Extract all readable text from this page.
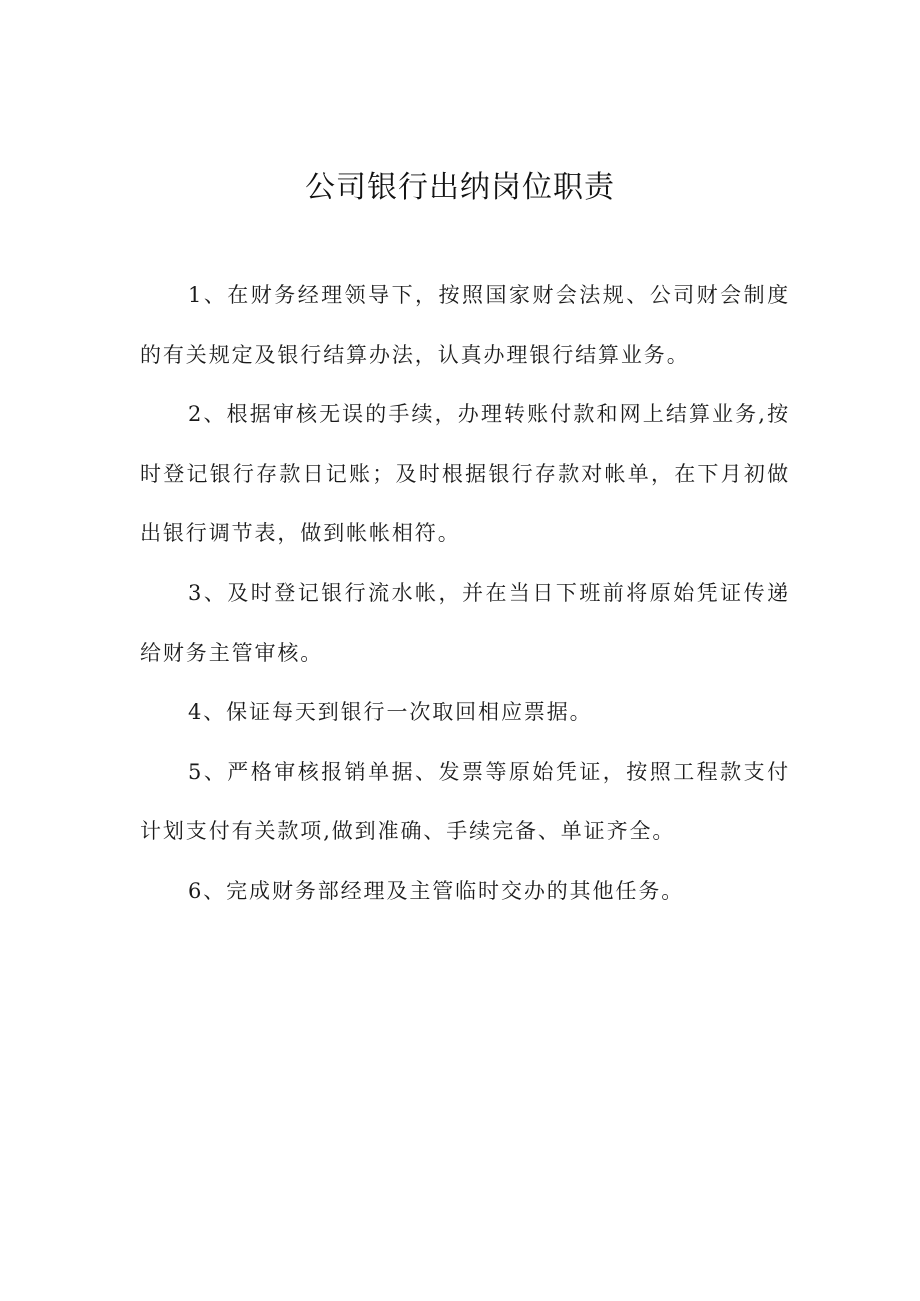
公司银行出纳岗位职责

1、在财务经理领导下，按照国家财会法规、公司财会制度的有关规定及银行结算办法，认真办理银行结算业务。

2、根据审核无误的手续，办理转账付款和网上结算业务,按时登记银行存款日记账；及时根据银行存款对帐单，在下月初做出银行调节表，做到帐帐相符。

3、及时登记银行流水帐，并在当日下班前将原始凭证传递给财务主管审核。

4、保证每天到银行一次取回相应票据。

5、严格审核报销单据、发票等原始凭证，按照工程款支付计划支付有关款项,做到准确、手续完备、单证齐全。

6、完成财务部经理及主管临时交办的其他任务。
